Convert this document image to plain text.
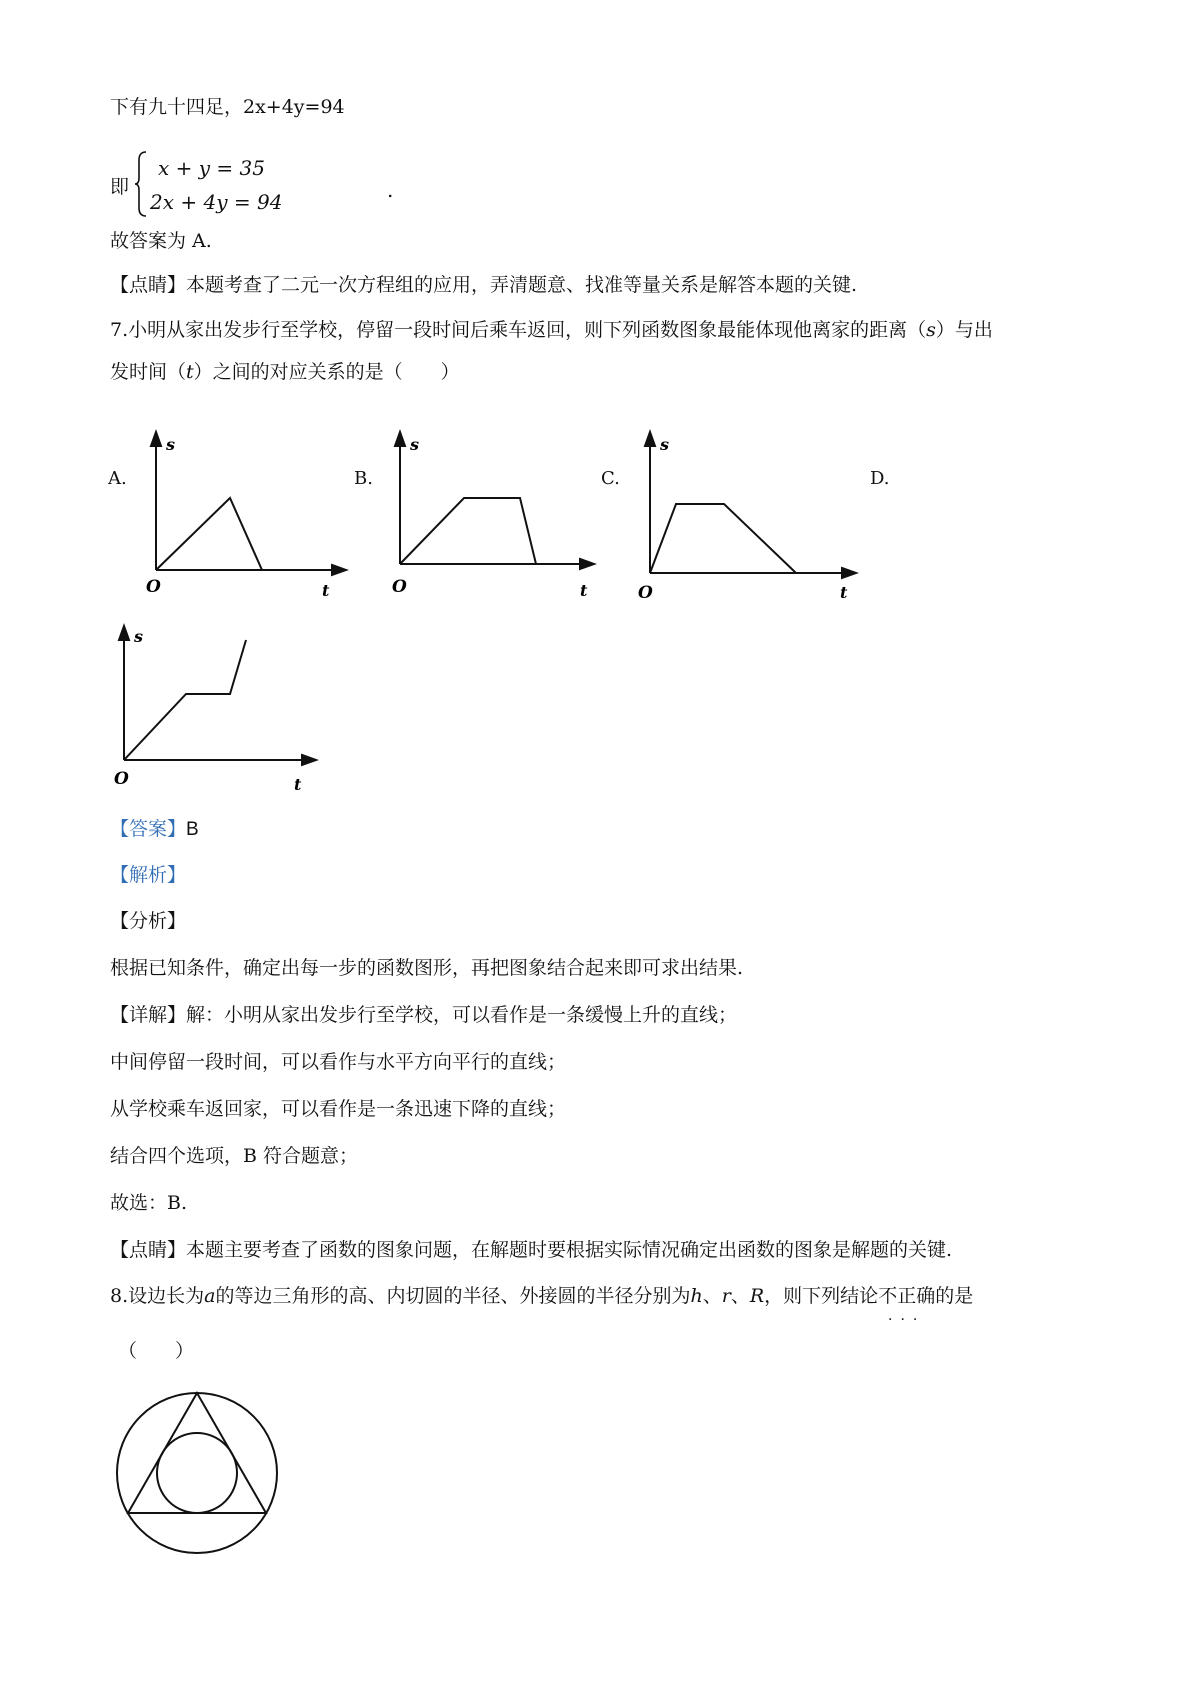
下有九十四足，2x+4y=94
即
x + y = 35
2x + 4y = 94	.
故答案为 A.
【点睛】本题考查了二元一次方程组的应用，弄清题意、找准等量关系是解答本题的关键.
7.小明从家出发步行至学校，停留一段时间后乘车返回，则下列函数图象最能体现他离家的距离（s）与出
发时间（t）之间的对应关系的是（　　）
A.	B.	C.	D.
s
O	t
s
O	t
s
O	t
s
O	t
【答案】B
【解析】
【分析】
根据已知条件，确定出每一步的函数图形，再把图象结合起来即可求出结果.
【详解】解：小明从家出发步行至学校，可以看作是一条缓慢上升的直线；
中间停留一段时间，可以看作与水平方向平行的直线；
从学校乘车返回家，可以看作是一条迅速下降的直线；
结合四个选项，B 符合题意；
故选：B.
【点睛】本题主要考查了函数的图象问题，在解题时要根据实际情况确定出函数的图象是解题的关键.
8.设边长为a的等边三角形的高、内切圆的半径、外接圆的半径分别为h、r、R，则下列结论不正确
···
的是
（　　）
